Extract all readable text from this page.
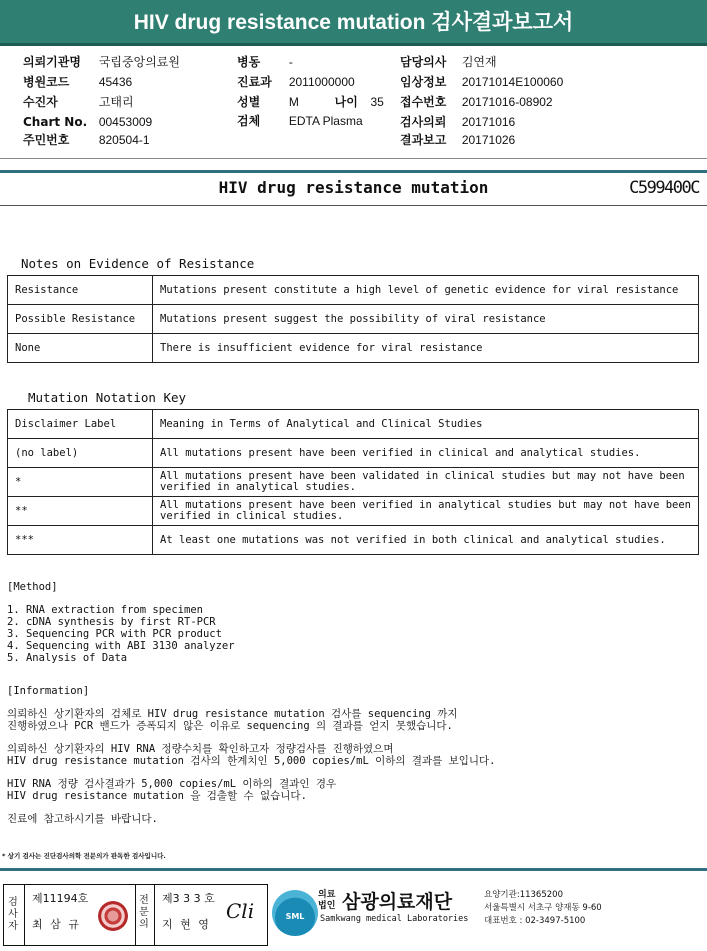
HIV drug resistance mutation 검사결과보고서
의뢰기관명 국립중앙의료원
병원코드 45436
수진자	고태리
Chart No. 00453009
주민번호 820504-1
병동 -
진료과 2011000000
성별 M	나이 35
검체 EDTA Plasma
담당의사 김연재
임상정보 20171014E100060
접수번호 20171016-08902
검사의뢰 20171016
결과보고 20171026
HIV drug resistance mutation	C599400C
Notes on Evidence of Resistance
Resistance	Mutations present constitute a high level of genetic evidence for viral resistance
Possible Resistance	Mutations present suggest the possibility of viral resistance
None	There is insufficient evidence for viral resistance
Mutation Notation Key
Disclaimer Label	Meaning in Terms of Analytical and Clinical Studies
(no label)	All mutations present have been verified in clinical and analytical studies.
*	All mutations present have been validated in clinical studies but may not have been verified in analytical studies.
**	All mutations present have been verified in analytical studies but may not have been verified in clinical studies.
***	At least one mutations was not verified in both clinical and analytical studies.
[Method]
1. RNA extraction from specimen
2. cDNA synthesis by first RT-PCR
3. Sequencing PCR with PCR product
4. Sequencing with ABI 3130 analyzer
5. Analysis of Data
[Information]
의뢰하신 상기환자의 검체로 HIV drug resistance mutation 검사를 sequencing 까지
진행하였으나 PCR 밴드가 증폭되지 않은 이유로 sequencing 의 결과를 얻지 못했습니다.
의뢰하신 상기환자의 HIV RNA 정량수치를 확인하고자 정량검사를 진행하였으며
HIV drug resistance mutation 검사의 한계치인 5,000 copies/mL 이하의 결과를 보입니다.
HIV RNA 정량 검사결과가 5,000 copies/mL 이하의 결과인 경우
HIV drug resistance mutation 을 검출할 수 없습니다.
진료에 참고하시기를 바랍니다.
* 상기 검사는 진단검사의학 전문의가 판독한 검사입니다.
검사자
제11194호
최 삼 규
전문의
제3 3 3 호
지 현 영
Cli	SML
의료
법인 삼광의료재단
Samkwang medical Laboratories
요양기관:11365200
서울특별시 서초구 양재동 9-60
대표번호 : 02-3497-5100
